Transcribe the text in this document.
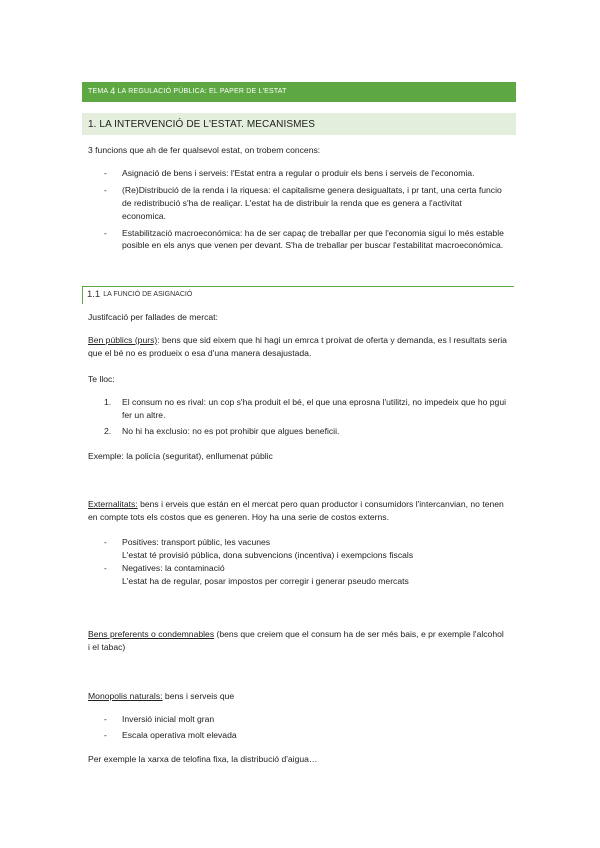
TEMA 4 LA REGULACIÓ PÚBLICA: EL PAPER DE L'ESTAT
1. LA INTERVENCIÓ DE L'ESTAT. MECANISMES

3 funcions que ah de fer qualsevol estat, on trobem concens:

- Asignació de bens i serveis: l'Estat entra a regular o produir els bens i serveis de l'economia.
- (Re)Distribució de la renda i la riquesa: el capitalisme genera desigualtats, i pr tant, una certa funcio de redistribució s'ha de realiçar. L'estat ha de distribuir la renda que es genera a l'activitat economica.
- Estabilització macroeconómica: ha de ser capaç de treballar per que l'economia sigui lo més estable posible en els anys que venen per devant. S'ha de treballar per buscar l'estabilitat macroeconómica.
1.1 LA FUNCIÓ DE ASIGNACIÓ

Justifcació per fallades de mercat:

Ben públics (purs): bens que sid eixem que hi hagi un emrca t proivat de oferta y demanda, es l resultats seria que el bé no es produeix o esa d'una manera desajustada.

Te lloc:

1. El consum no es rival: un cop s'ha produit el bé, el que una eprosna l'utilitzi, no impedeix que ho pgui fer un altre.
2. No hi ha exclusio: no es pot prohibir que algues beneficii.

Exemple: la policía (seguritat), enllumenat públic

Externalitats: bens i erveis que están en el mercat pero quan productor i consumidors l'intercanvian, no tenen en compte tots els costos que es generen. Hoy ha una serie de costos externs.

- Positives: transport públic, les vacunes
L'estat té provisió pública, dona subvencions (incentiva) i exempcions fiscals
- Negatives: la contaminació
L'estat ha de regular, posar impostos per corregir i generar pseudo mercats

Bens preferents o condemnables (bens que creiem que el consum ha de ser més bais, e pr exemple l'alcohol i el tabac)

Monopolis naturals: bens i serveis que

- Inversió inicial molt gran
- Escala operativa molt elevada

Per exemple la xarxa de telofina fixa, la distribució d'aigua…
